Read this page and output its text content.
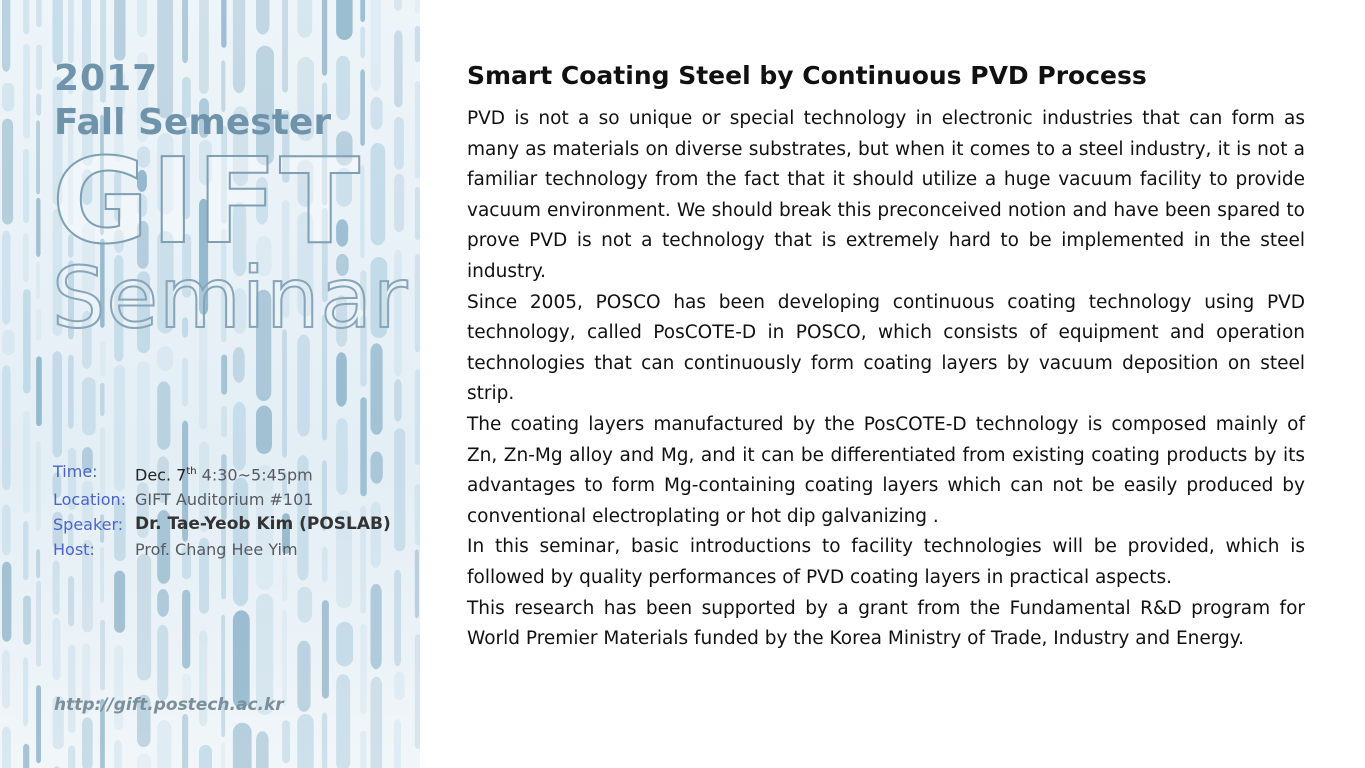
2017
Fall Semester
GIFT
Seminar
Time:	Dec. 7th 4:30~5:45pm
Location: GIFT Auditorium #101
Speaker: Dr. Tae-Yeob Kim (POSLAB)
Host:	Prof. Chang Hee Yim
http://gift.postech.ac.kr
Smart Coating Steel by Continuous PVD Process

PVD is not a so unique or special technology in electronic industries that can form as many as materials on diverse substrates, but when it comes to a steel industry, it is not a familiar technology from the fact that it should utilize a huge vacuum facility to provide vacuum environment. We should break this preconceived notion and have been spared to prove PVD is not a technology that is extremely hard to be implemented in the steel industry.

Since 2005, POSCO has been developing continuous coating technology using PVD technology, called PosCOTE-D in POSCO, which consists of equipment and operation technologies that can continuously form coating layers by vacuum deposition on steel strip.

The coating layers manufactured by the PosCOTE-D technology is composed mainly of Zn, Zn-Mg alloy and Mg, and it can be differentiated from existing coating products by its advantages to form Mg-containing coating layers which can not be easily produced by conventional electroplating or hot dip galvanizing .

In this seminar, basic introductions to facility technologies will be provided, which is followed by quality performances of PVD coating layers in practical aspects.

This research has been supported by a grant from the Fundamental R&D program for World Premier Materials funded by the Korea Ministry of Trade, Industry and Energy.
